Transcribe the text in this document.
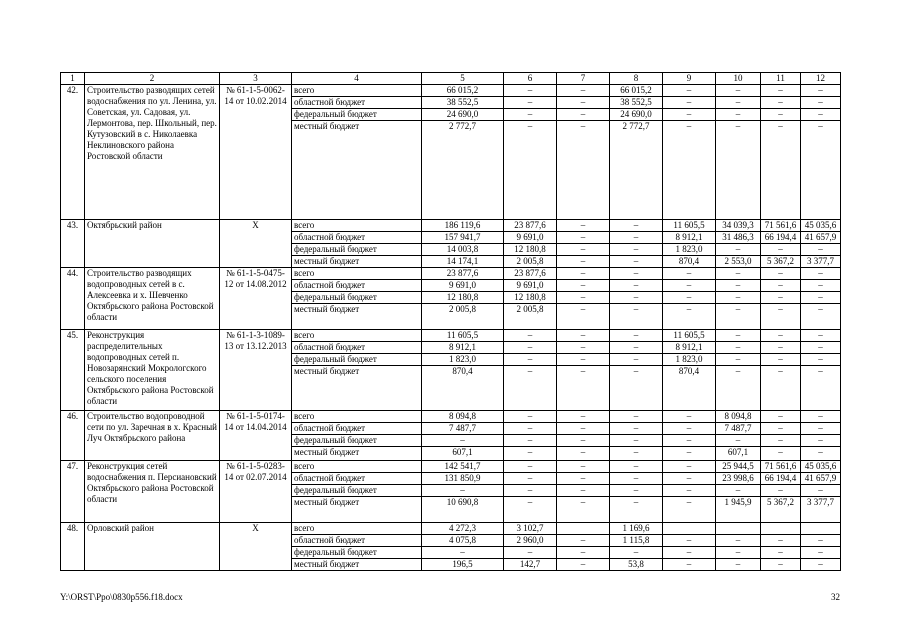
1	2	3	4	5	6	7	8	9	10	11	12
42.	Строительство разводящих сетей водоснабжения по ул. Ленина, ул. Советская, ул. Садовая, ул. Лермонтова, пер. Школьный, пер. Кутузовский в с. Николаевка Неклиновского района Ростовской области	№ 61-1-5-0062-14 от 10.02.2014	всего	66 015,2	–	–	66 015,2	–	–	–	–
			областной бюджет	38 552,5	–	–	38 552,5	–	–	–	–
			федеральный бюджет	24 690,0	–	–	24 690,0	–	–	–	–
			местный бюджет	2 772,7	–	–	2 772,7	–	–	–	–
43.	Октябрьский район	Х	всего	186 119,6	23 877,6	–	–	11 605,5	34 039,3	71 561,6	45 035,6
			областной бюджет	157 941,7	9 691,0	–	–	8 912,1	31 486,3	66 194,4	41 657,9
			федеральный бюджет	14 003,8	12 180,8	–	–	1 823,0	–	–	–
			местный бюджет	14 174,1	2 005,8	–	–	870,4	2 553,0	5 367,2	3 377,7
44.	Строительство разводящих водопроводных сетей в с. Алексеевка и х. Шевченко Октябрьского района Ростовской области	№ 61-1-5-0475-12 от 14.08.2012	всего	23 877,6	23 877,6	–	–	–	–	–	–
			областной бюджет	9 691,0	9 691,0	–	–	–	–	–	–
			федеральный бюджет	12 180,8	12 180,8	–	–	–	–	–	–
			местный бюджет	2 005,8	2 005,8	–	–	–	–	–	–
45.	Реконструкция распределительных водопроводных сетей п. Новозарянский Мокрологского сельского поселения Октябрьского района Ростовской области	№ 61-1-3-1089-13 от 13.12.2013	всего	11 605,5	–	–	–	11 605,5	–	–	–
			областной бюджет	8 912,1	–	–	–	8 912,1	–	–	–
			федеральный бюджет	1 823,0	–	–	–	1 823,0	–	–	–
			местный бюджет	870,4	–	–	–	870,4	–	–	–
46.	Строительство водопроводной сети по ул. Заречная в х. Красный Луч Октябрьского района	№ 61-1-5-0174-14 от 14.04.2014	всего	8 094,8	–	–	–	–	8 094,8	–	–
			областной бюджет	7 487,7	–	–	–	–	7 487,7	–	–
			федеральный бюджет	–	–	–	–	–	–	–	–
			местный бюджет	607,1	–	–	–	–	607,1	–	–
47.	Реконструкция сетей водоснабжения п. Персиановский Октябрьского района Ростовской области	№ 61-1-5-0283-14 от 02.07.2014	всего	142 541,7	–	–	–	–	25 944,5	71 561,6	45 035,6
			областной бюджет	131 850,9	–	–	–	–	23 998,6	66 194,4	41 657,9
			федеральный бюджет	–	–	–	–	–	–	–	–
			местный бюджет	10 690,8	–	–	–	–	1 945,9	5 367,2	3 377,7
48.	Орловский район	Х	всего	4 272,3	3 102,7		1 169,6				
			областной бюджет	4 075,8	2 960,0	–	1 115,8	–	–	–	–
			федеральный бюджет	–	–	–	–	–	–	–	–
			местный бюджет	196,5	142,7	–	53,8	–	–	–	–
Y:\ORST\Ppo\0830p556.f18.docx	32
